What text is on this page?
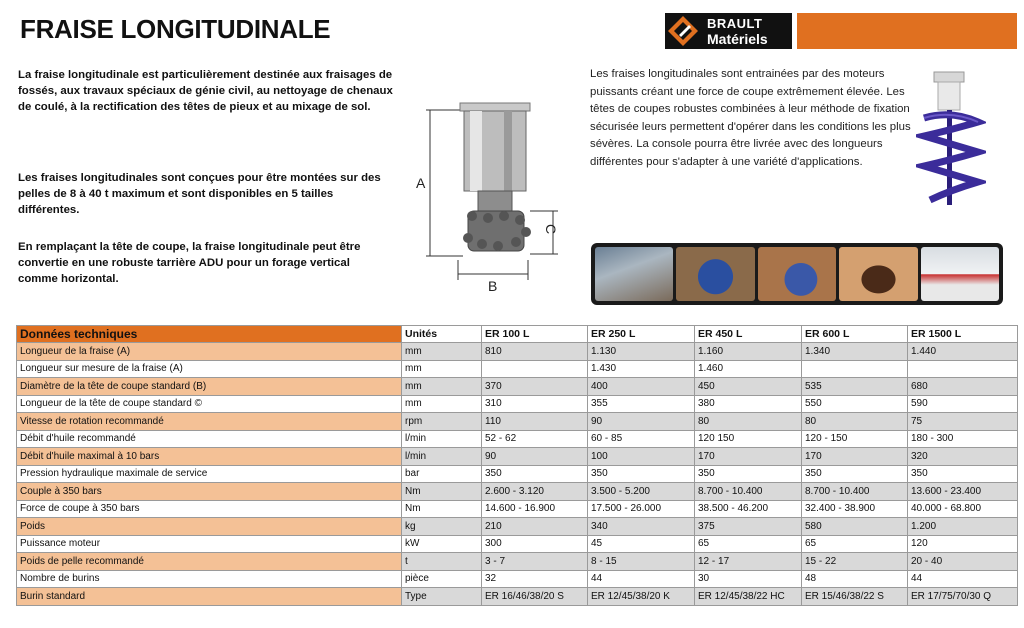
FRAISE LONGITUDINALE	BRAULT
Matériels
La fraise longitudinale est particulièrement destinée aux fraisages de fossés, aux travaux spéciaux de génie civil, au nettoyage de chenaux de coulé, à la rectification des têtes de pieux et au mixage de sol.
Les fraises longitudinales sont conçues pour être montées sur des pelles de 8 à 40 t maximum et sont disponibles en 5 tailles différentes.
En remplaçant la tête de coupe, la fraise longitudinale peut être convertie en une robuste tarrière ADU pour un forage vertical comme horizontal.
Les fraises longitudinales sont entrainées par des moteurs puissants créant une force de coupe extrêmement élevée. Les têtes de coupes robustes combinées à leur méthode de fixation sécurisée leurs permettent d'opérer dans les conditions les plus sévères. La console pourra être livrée avec des longueurs différentes pour s'adapter à une variété d'applications.
A
C
B
Données techniques	Unités	ER 100 L	ER 250 L	ER 450 L	ER 600 L	ER 1500 L
Longueur de la fraise (A)	mm	810	1.130	1.160	1.340	1.440
Longueur sur mesure de la fraise (A)	mm		1.430	1.460		
Diamètre de la tête de coupe standard (B)	mm	370	400	450	535	680
Longueur de la tête de coupe standard ©	mm	310	355	380	550	590
Vitesse de rotation recommandé	rpm	110	90	80	80	75
Débit d'huile recommandé	l/min	52 - 62	60 - 85	120 150	120 - 150	180 - 300
Débit d'huile maximal à 10 bars	l/min	90	100	170	170	320
Pression hydraulique maximale de service	bar	350	350	350	350	350
Couple à 350 bars	Nm	2.600 - 3.120	3.500 - 5.200	8.700 - 10.400	8.700 - 10.400	13.600 - 23.400
Force de coupe à 350 bars	Nm	14.600 - 16.900	17.500 - 26.000	38.500 - 46.200	32.400 - 38.900	40.000 - 68.800
Poids	kg	210	340	375	580	1.200
Puissance moteur	kW	300	45	65	65	120
Poids de pelle recommandé	t	3 - 7	8 - 15	12 - 17	15 - 22	20 - 40
Nombre de burins	pièce	32	44	30	48	44
Burin standard	Type	ER 16/46/38/20 S	ER 12/45/38/20 K	ER 12/45/38/22 HC	ER 15/46/38/22 S	ER 17/75/70/30 Q
